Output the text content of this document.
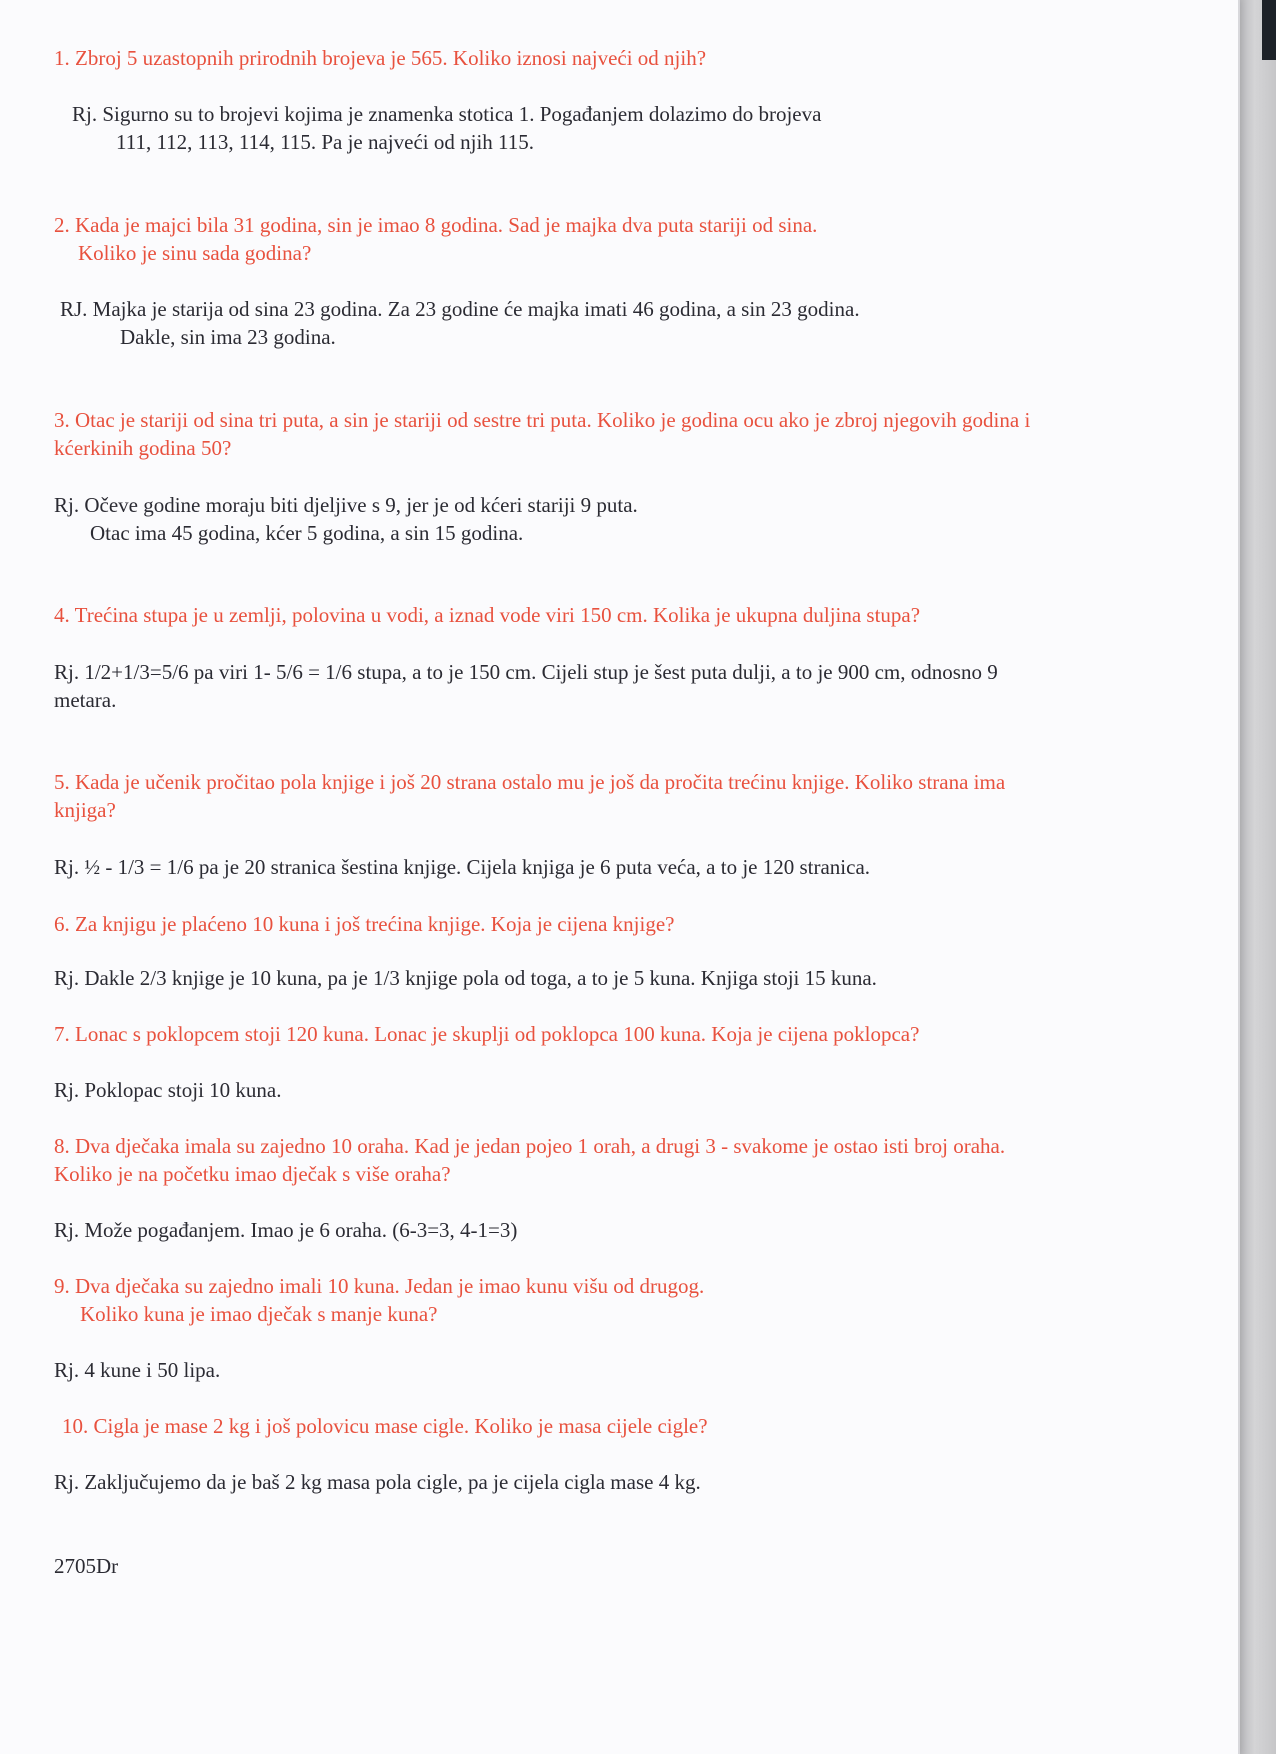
1. Zbroj 5 uzastopnih prirodnih brojeva je 565. Koliko iznosi najveći od njih?
Rj. Sigurno su to brojevi kojima je znamenka stotica 1. Pogađanjem dolazimo do brojeva
111, 112, 113, 114, 115. Pa je najveći od njih 115.
2. Kada je majci bila 31 godina, sin je imao 8 godina. Sad je majka dva puta stariji od sina.
Koliko je sinu sada godina?
RJ. Majka je starija od sina 23 godina. Za 23 godine će majka imati 46 godina, a sin 23 godina.
Dakle, sin ima 23 godina.
3. Otac je stariji od sina tri puta, a sin je stariji od sestre tri puta. Koliko je godina ocu ako je zbroj njegovih godina i
kćerkinih godina 50?
Rj. Očeve godine moraju biti djeljive s 9, jer je od kćeri stariji 9 puta.
Otac ima 45 godina, kćer 5 godina, a sin 15 godina.
4. Trećina stupa je u zemlji, polovina u vodi, a iznad vode viri 150 cm. Kolika je ukupna duljina stupa?
Rj. 1/2+1/3=5/6 pa viri 1- 5/6 = 1/6 stupa, a to je 150 cm. Cijeli stup je šest puta dulji, a to je 900 cm, odnosno 9
metara.
5. Kada je učenik pročitao pola knjige i još 20 strana ostalo mu je još da pročita trećinu knjige. Koliko strana ima
knjiga?
Rj. ½ - 1/3 = 1/6 pa je 20 stranica šestina knjige. Cijela knjiga je 6 puta veća, a to je 120 stranica.
6. Za knjigu je plaćeno 10 kuna i još trećina knjige. Koja je cijena knjige?
Rj. Dakle 2/3 knjige je 10 kuna, pa je 1/3 knjige pola od toga, a to je 5 kuna. Knjiga stoji 15 kuna.
7. Lonac s poklopcem stoji 120 kuna. Lonac je skuplji od poklopca 100 kuna. Koja je cijena poklopca?
Rj. Poklopac stoji 10 kuna.
8. Dva dječaka imala su zajedno 10 oraha. Kad je jedan pojeo 1 orah, a drugi 3 - svakome je ostao isti broj oraha.
Koliko je na početku imao dječak s više oraha?
Rj. Može pogađanjem. Imao je 6 oraha. (6-3=3, 4-1=3)
9. Dva dječaka su zajedno imali 10 kuna. Jedan je imao kunu višu od drugog.
Koliko kuna je imao dječak s manje kuna?
Rj. 4 kune i 50 lipa.
10. Cigla je mase 2 kg i još polovicu mase cigle. Koliko je masa cijele cigle?
Rj. Zaključujemo da je baš 2 kg masa pola cigle, pa je cijela cigla mase 4 kg.
2705Dr
